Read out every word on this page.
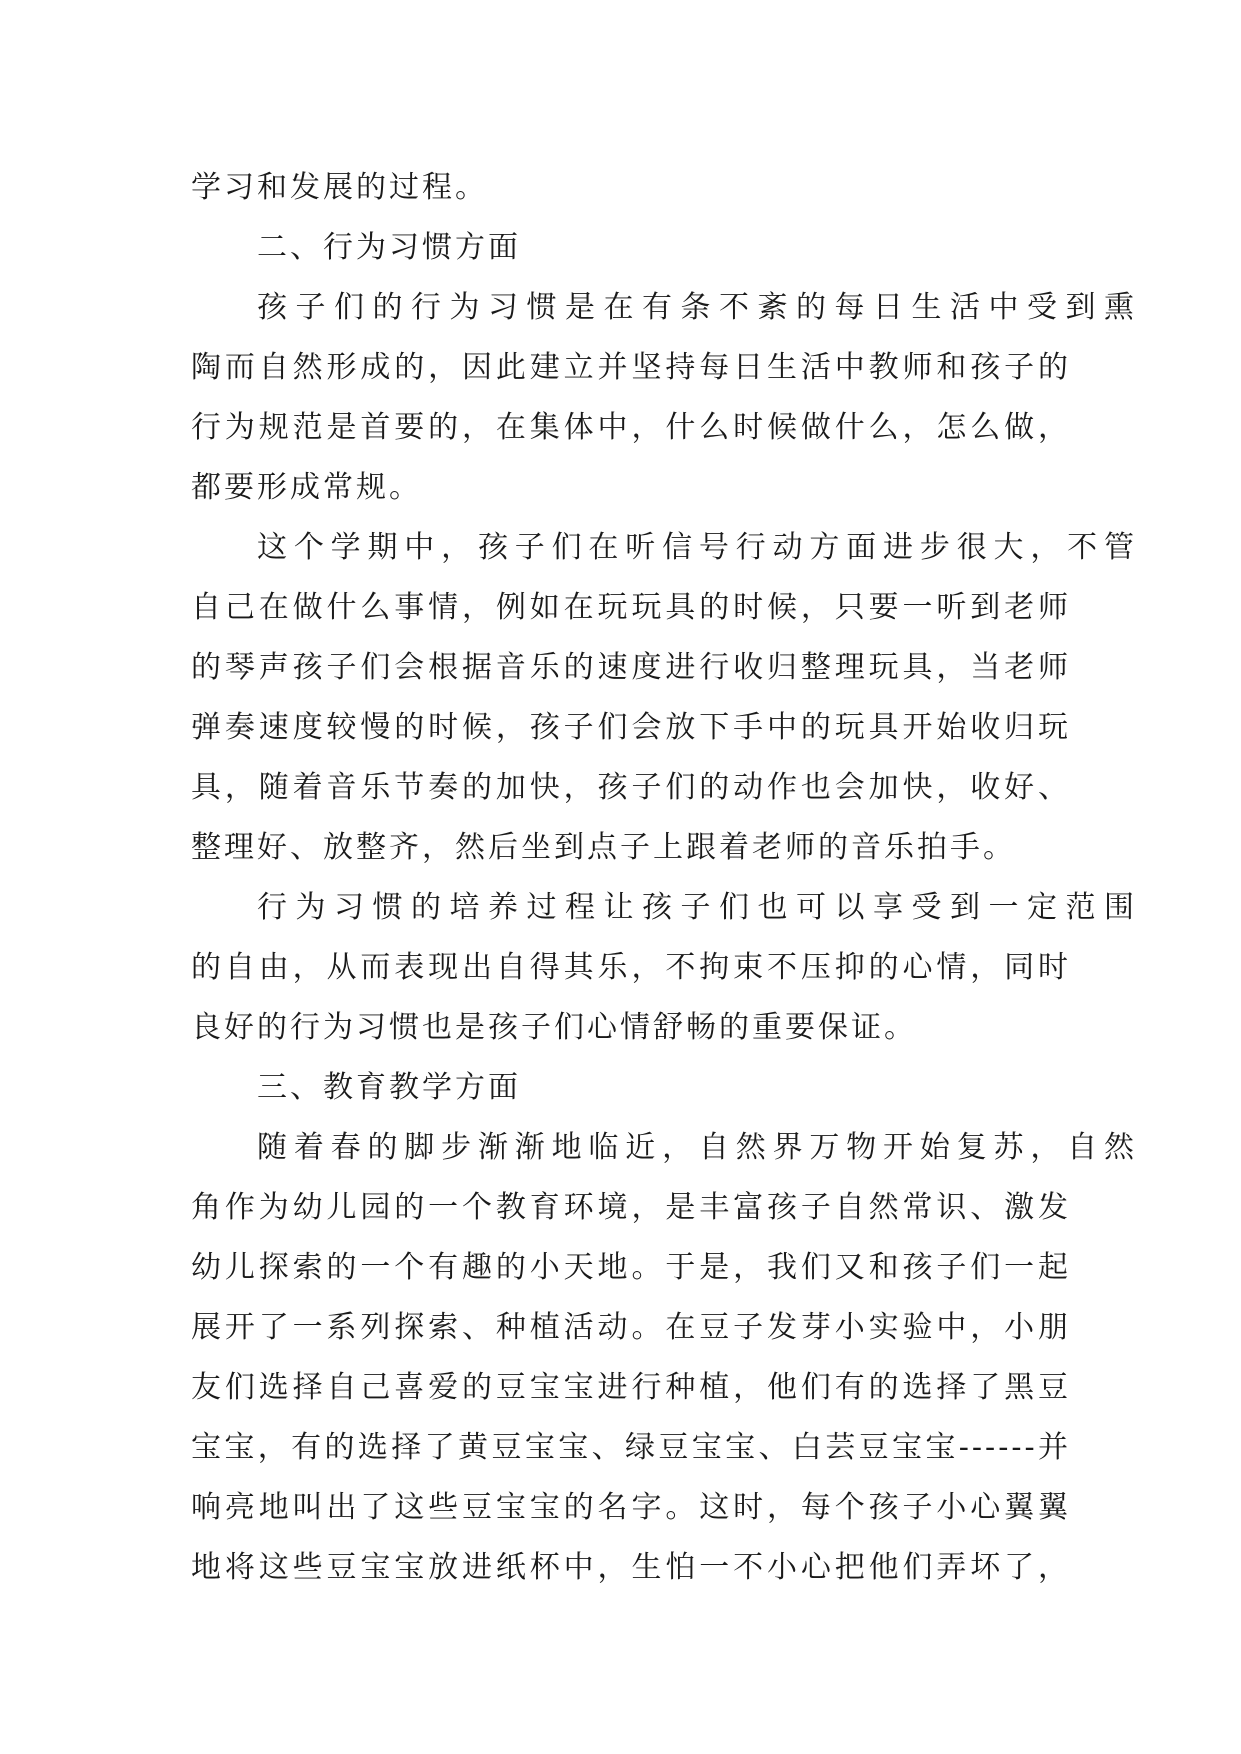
学习和发展的过程。
二、行为习惯方面
孩子们的行为习惯是在有条不紊的每日生活中受到熏
陶而自然形成的，因此建立并坚持每日生活中教师和孩子的
行为规范是首要的，在集体中，什么时候做什么，怎么做，
都要形成常规。
这个学期中，孩子们在听信号行动方面进步很大，不管
自己在做什么事情，例如在玩玩具的时候，只要一听到老师
的琴声孩子们会根据音乐的速度进行收归整理玩具，当老师
弹奏速度较慢的时候，孩子们会放下手中的玩具开始收归玩
具，随着音乐节奏的加快，孩子们的动作也会加快，收好、
整理好、放整齐，然后坐到点子上跟着老师的音乐拍手。
行为习惯的培养过程让孩子们也可以享受到一定范围
的自由，从而表现出自得其乐，不拘束不压抑的心情，同时
良好的行为习惯也是孩子们心情舒畅的重要保证。
三、教育教学方面
随着春的脚步渐渐地临近，自然界万物开始复苏，自然
角作为幼儿园的一个教育环境，是丰富孩子自然常识、激发
幼儿探索的一个有趣的小天地。于是，我们又和孩子们一起
展开了一系列探索、种植活动。在豆子发芽小实验中，小朋
友们选择自己喜爱的豆宝宝进行种植，他们有的选择了黑豆
宝宝，有的选择了黄豆宝宝、绿豆宝宝、白芸豆宝宝------并
响亮地叫出了这些豆宝宝的名字。这时，每个孩子小心翼翼
地将这些豆宝宝放进纸杯中，生怕一不小心把他们弄坏了，
